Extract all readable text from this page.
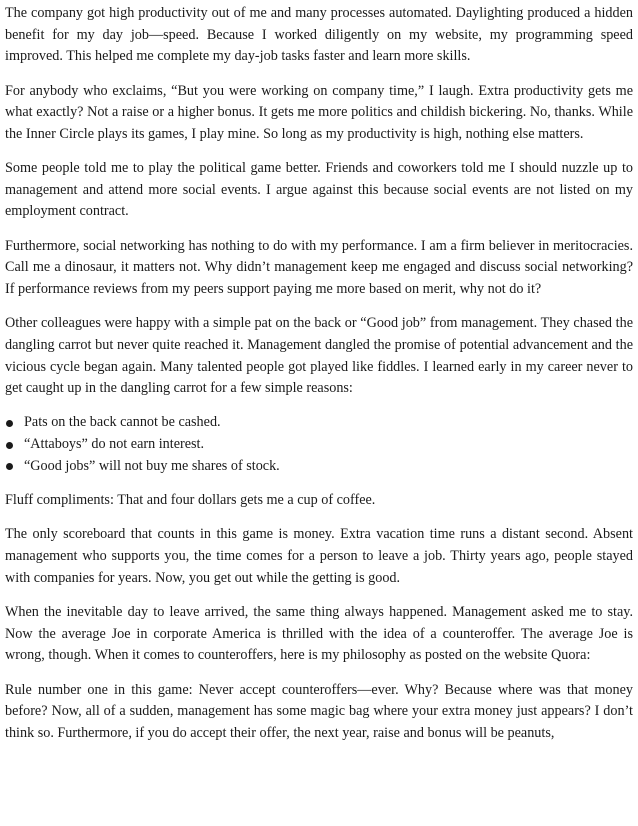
The company got high productivity out of me and many processes automated. Daylighting produced a hidden benefit for my day job—speed. Because I worked diligently on my website, my programming speed improved. This helped me complete my day-job tasks faster and learn more skills.

For anybody who exclaims, “But you were working on company time,” I laugh. Extra productivity gets me what exactly? Not a raise or a higher bonus. It gets me more politics and childish bickering. No, thanks. While the Inner Circle plays its games, I play mine. So long as my productivity is high, nothing else matters.

Some people told me to play the political game better. Friends and coworkers told me I should nuzzle up to management and attend more social events. I argue against this because social events are not listed on my employment contract.

Furthermore, social networking has nothing to do with my performance. I am a firm believer in meritocracies. Call me a dinosaur, it matters not. Why didn’t management keep me engaged and discuss social networking? If performance reviews from my peers support paying me more based on merit, why not do it?

Other colleagues were happy with a simple pat on the back or “Good job” from management. They chased the dangling carrot but never quite reached it. Management dangled the promise of potential advancement and the vicious cycle began again. Many talented people got played like fiddles. I learned early in my career never to get caught up in the dangling carrot for a few simple reasons:

Pats on the back cannot be cashed.
“Attaboys” do not earn interest.
“Good jobs” will not buy me shares of stock.

Fluff compliments: That and four dollars gets me a cup of coffee.

The only scoreboard that counts in this game is money. Extra vacation time runs a distant second. Absent management who supports you, the time comes for a person to leave a job. Thirty years ago, people stayed with companies for years. Now, you get out while the getting is good.

When the inevitable day to leave arrived, the same thing always happened. Management asked me to stay. Now the average Joe in corporate America is thrilled with the idea of a counteroffer. The average Joe is wrong, though. When it comes to counteroffers, here is my philosophy as posted on the website Quora:

Rule number one in this game: Never accept counteroffers—ever. Why? Because where was that money before? Now, all of a sudden, management has some magic bag where your extra money just appears? I don’t think so. Furthermore, if you do accept their offer, the next year, raise and bonus will be peanuts,
